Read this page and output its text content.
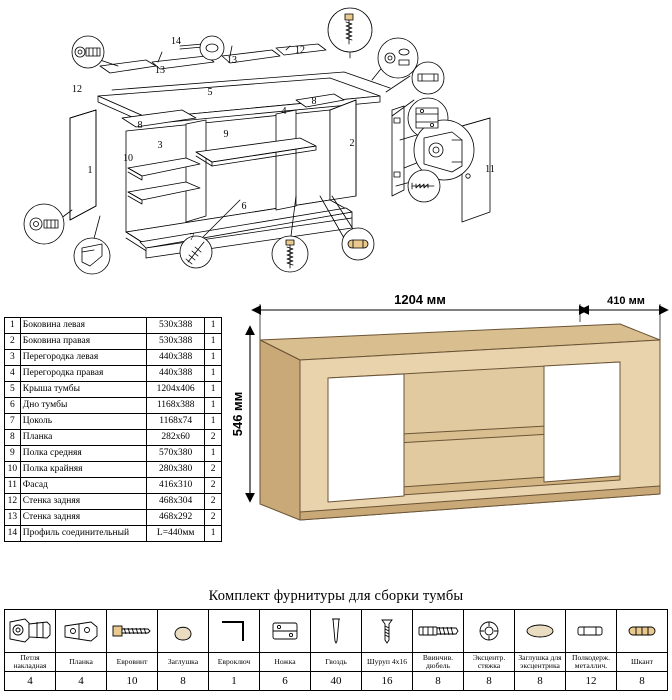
1
2
3
4
5
6
7
8
8
9
10
11
12
12
13
13
14
1	Боковина левая	530х388	1
2	Боковина правая	530х388	1
3	Перегородка левая	440х388	1
4	Перегородка правая	440х388	1
5	Крыша тумбы	1204х406	1
6	Дно тумбы	1168х388	1
7	Цоколь	1168х74	1
8	Планка	282х60	2
9	Полка средняя	570х380	1
10	Полка крайняя	280х380	2
11	Фасад	416х310	2
12	Стенка задняя	468х304	2
13	Стенка задняя	468х292	2
14	Профиль соединительный	L=440мм	1
1204 мм	410 мм
546 мм
Комплект фурнитуры для сборки тумбы

Петля накладная	Планка	Евровинт	Заглушка	Евроключ	Ножка	Гвоздь	Шуруп 4х16	Ввинчив. дюбель	Эксцентр. стяжка	Заглушка для эксцентрика	Полкодерж. металлич.	Шкант
4	4	10	8	1	6	40	16	8	8	8	12	8
